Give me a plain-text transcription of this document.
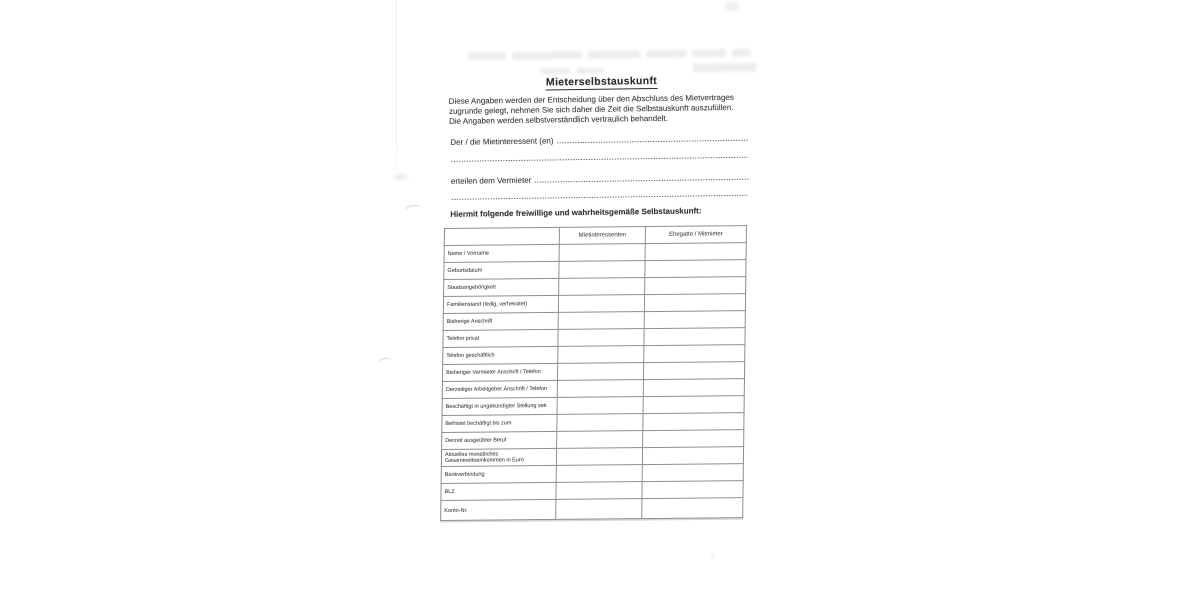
Mieterselbstauskunft
Diese Angaben werden der Entscheidung über den Abschluss des Mietvertrages
zugrunde gelegt, nehmen Sie sich daher die Zeit die Selbstauskunft auszufüllen.
Die Angaben werden selbstverständlich vertraulich behandelt.
Der / die Mietinteressent (en)
erteilen dem Vermieter
Hiermit folgende freiwillige und wahrheitsgemäße Selbstauskunft:
	Mietinteressenten	Ehegatte / Mitmieter
Name / Vorname		
Geburtsdatum		
Staatsangehörigkeit		
Familienstand (ledig, verheiratet)		
Bisherige Anschrift		
Telefon privat		
Telefon geschäftlich		
Bisheriger Vermieter Anschrift / Telefon		
Derzeitiger Arbeitgeber Anschrift / Telefon		
Beschäftigt in ungekündigter Stellung seit		
Befristet bechäftigt bis zum		
Derzeit ausgeübter Beruf		
Aktuelles monatliches Gesamtnettoeinkommen in Euro		
Bankverbindung		
BLZ		
Konto-Nr.		
